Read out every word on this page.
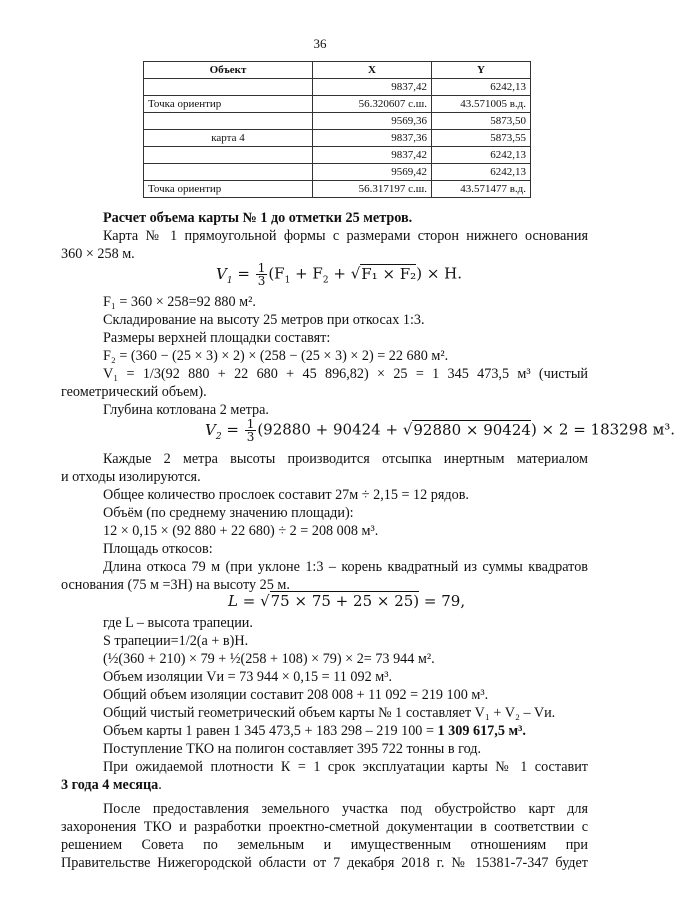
36
Объект	X	Y
	9837,42	6242,13
Точка ориентир	56.320607 с.ш.	43.571005 в.д.
	9569,36	5873,50
карта 4	9837,36	5873,55
	9837,42	6242,13
	9569,42	6242,13
Точка ориентир	56.317197 с.ш.	43.571477 в.д.
Расчет объема карты № 1 до отметки 25 метров.
Карта № 1 прямоугольной формы с размерами сторон нижнего основания
360 × 258 м.
$V_1 = \frac{1}{3} (F_1 + F_2 + √F_1 \times F_2) \times H$.
F₁ = 360 × 258=92 880 м².
Складирование на высоту 25 метров при откосах 1:3.
Размеры верхней площадки составят:
F₂ = (360 − (25 × 3) × 2) × (258 − (25 × 3) × 2) = 22 680 м².
V₁ = 1/3(92 880 + 22 680 + 45 896,82) × 25 = 1 345 473,5 м³ (чистый
геометрический объем).
Глубина котлована 2 метра.
$V_2 = \frac{1}{3} (92880 + 90424 + √92880 \times 90424) \times 2 = 183298$ м³.
Каждые 2 метра высоты производится отсыпка инертным материалом
и отходы изолируются.
Общее количество прослоек составит 27м ÷ 2,15 = 12 рядов.
Объём (по среднему значению площади):
12 × 0,15 × (92 880 + 22 680) ÷ 2 = 208 008 м³.
Площадь откосов:
Длина откоса 79 м (при уклоне 1:3 – корень квадратный из суммы квадратов
основания (75 м =3Н) на высоту 25 м.
L = √75 × 75 + 25 × 25) = 79,
где L – высота трапеции.
S трапеции=1/2(а + в)Н.
(½(360 + 210) × 79 + ½(258 + 108) × 79) × 2= 73 944 м².
Объем изоляции Vи = 73 944 × 0,15 = 11 092 м³.
Общий объем изоляции составит 208 008 + 11 092 = 219 100 м³.
Общий чистый геометрический объем карты № 1 составляет V₁ + V₂ – Vи.
Объем карты 1 равен 1 345 473,5 + 183 298 – 219 100 = 1 309 617,5 м³.
Поступление ТКО на полигон составляет 395 722 тонны в год.
При ожидаемой плотности К = 1 срок эксплуатации карты № 1 составит
3 года 4 месяца.
После предоставления земельного участка под обустройство карт для
захоронения ТКО и разработки проектно-сметной документации в соответствии с
решением Совета по земельным и имущественным отношениям при
Правительстве Нижегородской области от 7 декабря 2018 г. № 15381-7-347 будет
